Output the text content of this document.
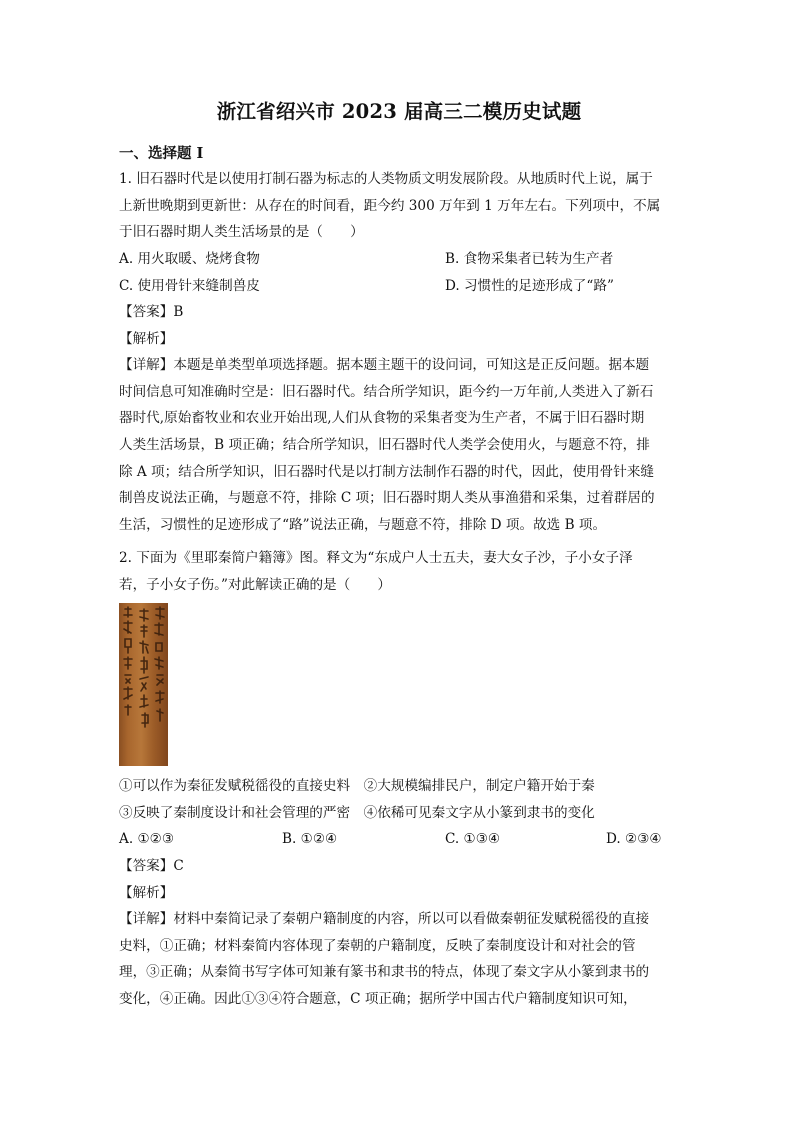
浙江省绍兴市 2023 届高三二模历史试题
一、选择题 I
1. 旧石器时代是以使用打制石器为标志的人类物质文明发展阶段。从地质时代上说，属于
上新世晚期到更新世：从存在的时间看，距今约 300 万年到 1 万年左右。下列项中，不属
于旧石器时期人类生活场景的是（　　）
A. 用火取暖、烧烤食物	B. 食物采集者已转为生产者
C. 使用骨针来缝制兽皮	D. 习惯性的足迹形成了“路”
【答案】B
【解析】
【详解】本题是单类型单项选择题。据本题主题干的设问词，可知这是正反问题。据本题
时间信息可知准确时空是：旧石器时代。结合所学知识，距今约一万年前,人类进入了新石
器时代,原始畜牧业和农业开始出现,人们从食物的采集者变为生产者，不属于旧石器时期
人类生活场景，B 项正确；结合所学知识，旧石器时代人类学会使用火，与题意不符，排
除 A 项；结合所学知识，旧石器时代是以打制方法制作石器的时代，因此，使用骨针来缝
制兽皮说法正确，与题意不符，排除 C 项；旧石器时期人类从事渔猎和采集，过着群居的
生活，习惯性的足迹形成了“路”说法正确，与题意不符，排除 D 项。故选 B 项。
2. 下面为《里耶秦简户籍簿》图。释文为“东成户人士五夫，妻大女子沙，子小女子泽
若，子小女子伤。”对此解读正确的是（　　）
①可以作为秦征发赋税徭役的直接史料　②大规模编排民户，制定户籍开始于秦
③反映了秦制度设计和社会管理的严密　④依稀可见秦文字从小篆到隶书的变化
A. ①②③	B. ①②④	C. ①③④	D. ②③④
【答案】C
【解析】
【详解】材料中秦简记录了秦朝户籍制度的内容，所以可以看做秦朝征发赋税徭役的直接
史料，①正确；材料秦简内容体现了秦朝的户籍制度，反映了秦制度设计和对社会的管
理，③正确；从秦简书写字体可知兼有篆书和隶书的特点，体现了秦文字从小篆到隶书的
变化，④正确。因此①③④符合题意，C 项正确；据所学中国古代户籍制度知识可知，
